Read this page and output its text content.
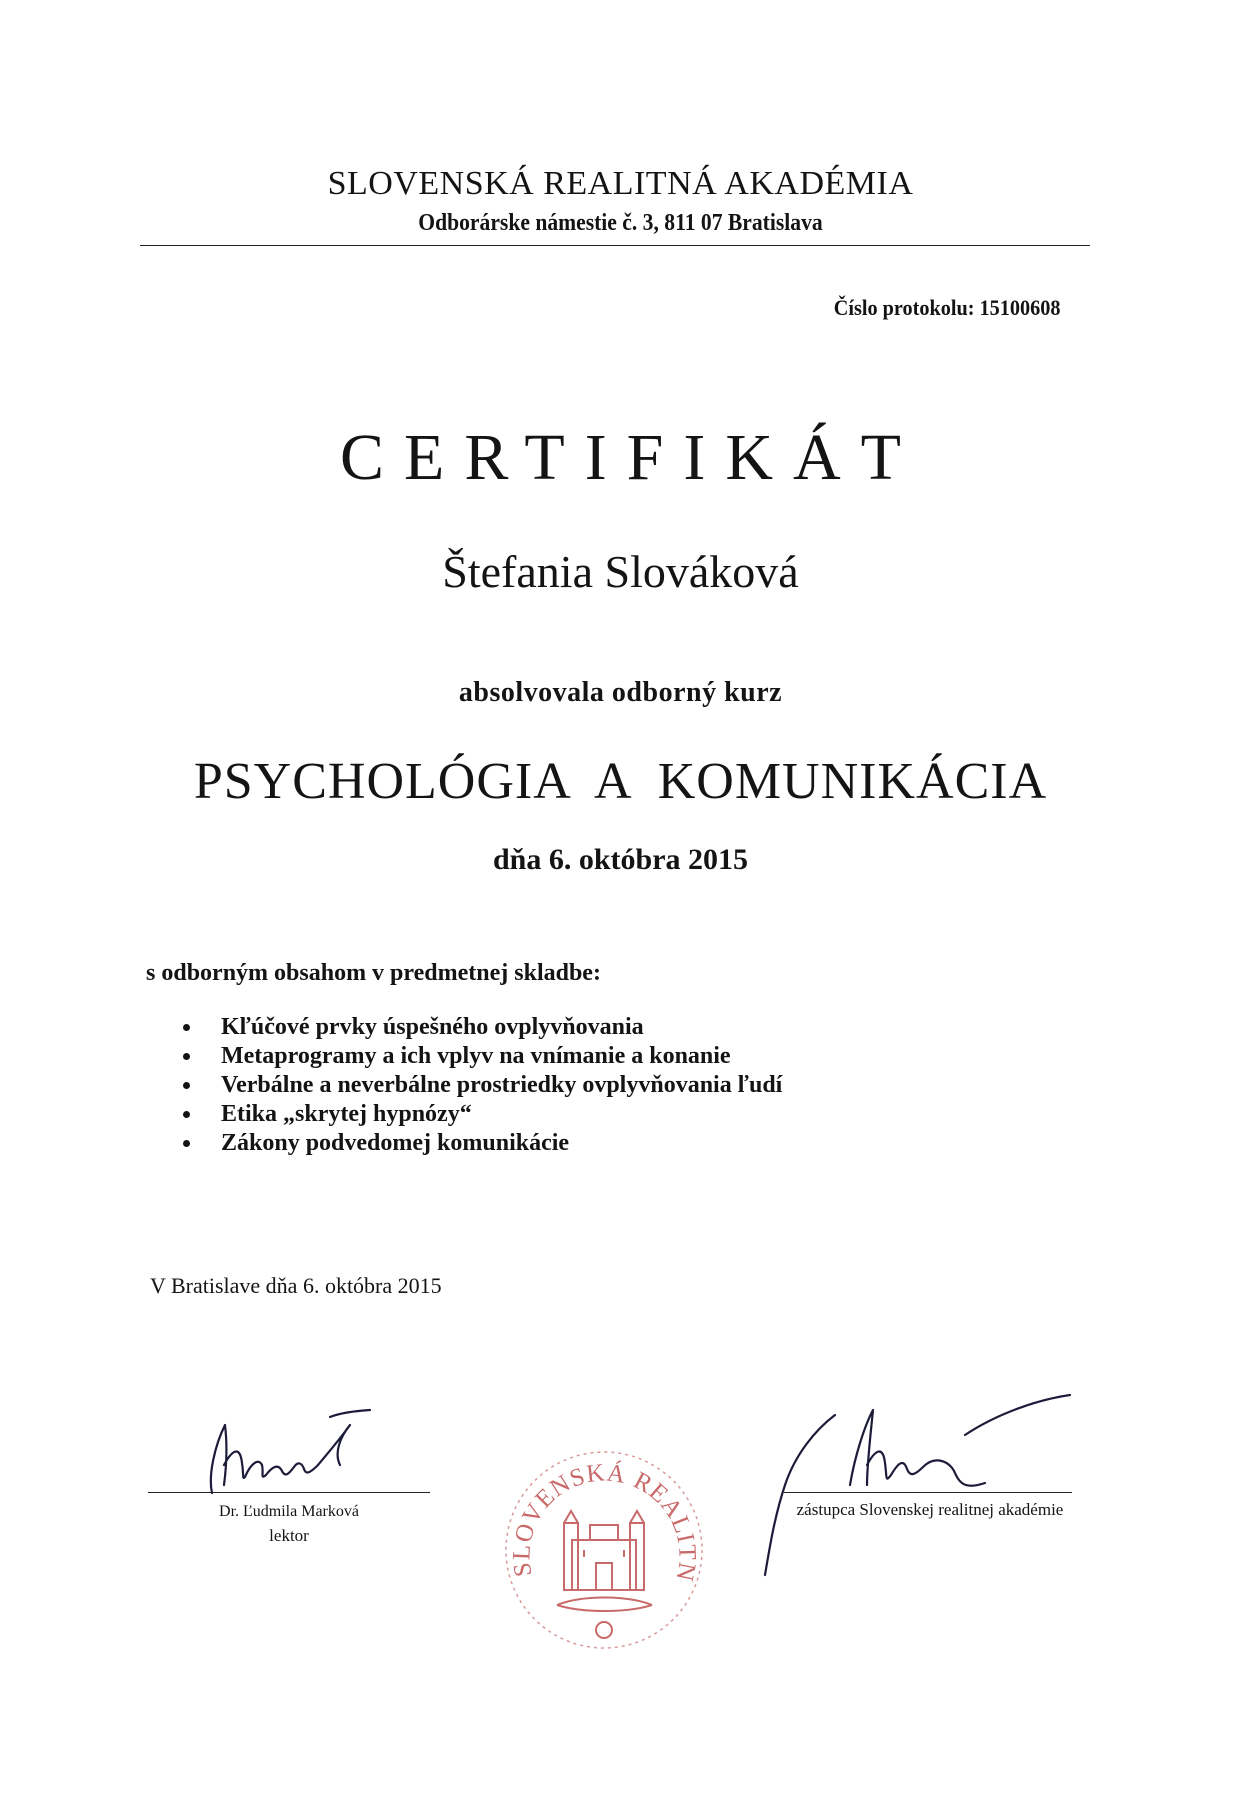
SLOVENSKÁ REALITNÁ AKADÉMIA
Odborárske námestie č. 3, 811 07 Bratislava
Číslo protokolu: 15100608
CERTIFIKÁT
Štefania Slováková
absolvovala odborný kurz
PSYCHOLÓGIA  A  KOMUNIKÁCIA
dňa 6. októbra 2015
s odborným obsahom v predmetnej skladbe:
Kľúčové prvky úspešného ovplyvňovania
Metaprogramy a ich vplyv na vnímanie a konanie
Verbálne a neverbálne prostriedky ovplyvňovania ľudí
Etika „skrytej hypnózy“
Zákony podvedomej komunikácie
V Bratislave dňa 6. októbra 2015
Dr. Ľudmila Marková
lektor
SLOVENSKÁ REALITN
zástupca Slovenskej realitnej akadémie
